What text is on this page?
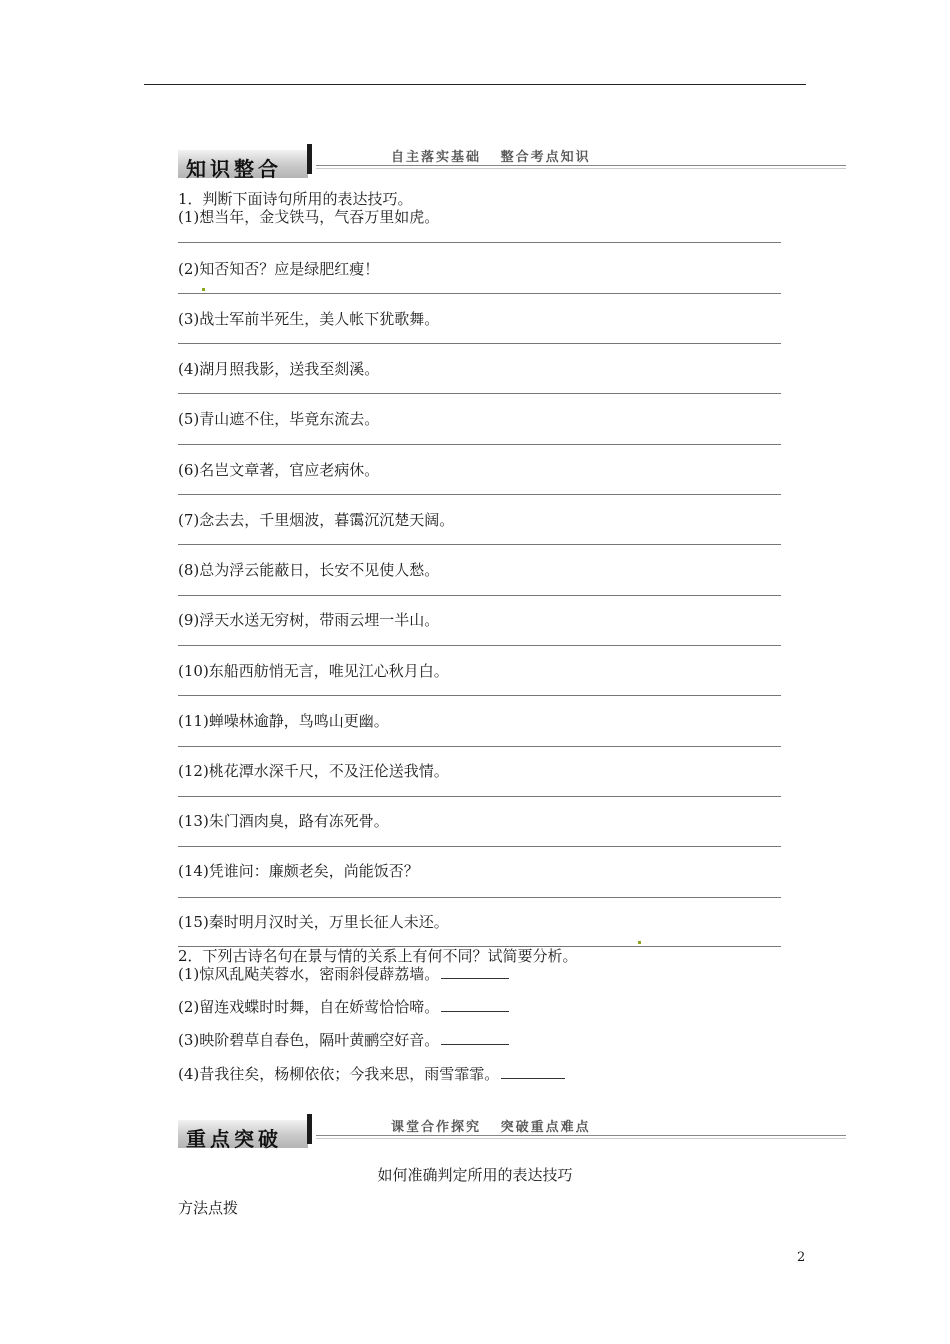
知识整合	自主落实基础   整合考点知识
1．判断下面诗句所用的表达技巧。
(1)想当年，金戈铁马，气吞万里如虎。
(2)知否知否？应是绿肥红瘦！
(3)战士军前半死生，美人帐下犹歌舞。
(4)湖月照我影，送我至剡溪。
(5)青山遮不住，毕竟东流去。
(6)名岂文章著，官应老病休。
(7)念去去，千里烟波，暮霭沉沉楚天阔。
(8)总为浮云能蔽日，长安不见使人愁。
(9)浮天水送无穷树，带雨云埋一半山。
(10)东船西舫悄无言，唯见江心秋月白。
(11)蝉噪林逾静，鸟鸣山更幽。
(12)桃花潭水深千尺，不及汪伦送我情。
(13)朱门酒肉臭，路有冻死骨。
(14)凭谁问：廉颇老矣，尚能饭否？
(15)秦时明月汉时关，万里长征人未还。
2．下列古诗名句在景与情的关系上有何不同？试简要分析。
(1)惊风乱飐芙蓉水，密雨斜侵薜荔墙。
(2)留连戏蝶时时舞，自在娇莺恰恰啼。
(3)映阶碧草自春色，隔叶黄鹂空好音。
(4)昔我往矣，杨柳依依；今我来思，雨雪霏霏。
重点突破	课堂合作探究   突破重点难点
如何准确判定所用的表达技巧
方法点拨
2
